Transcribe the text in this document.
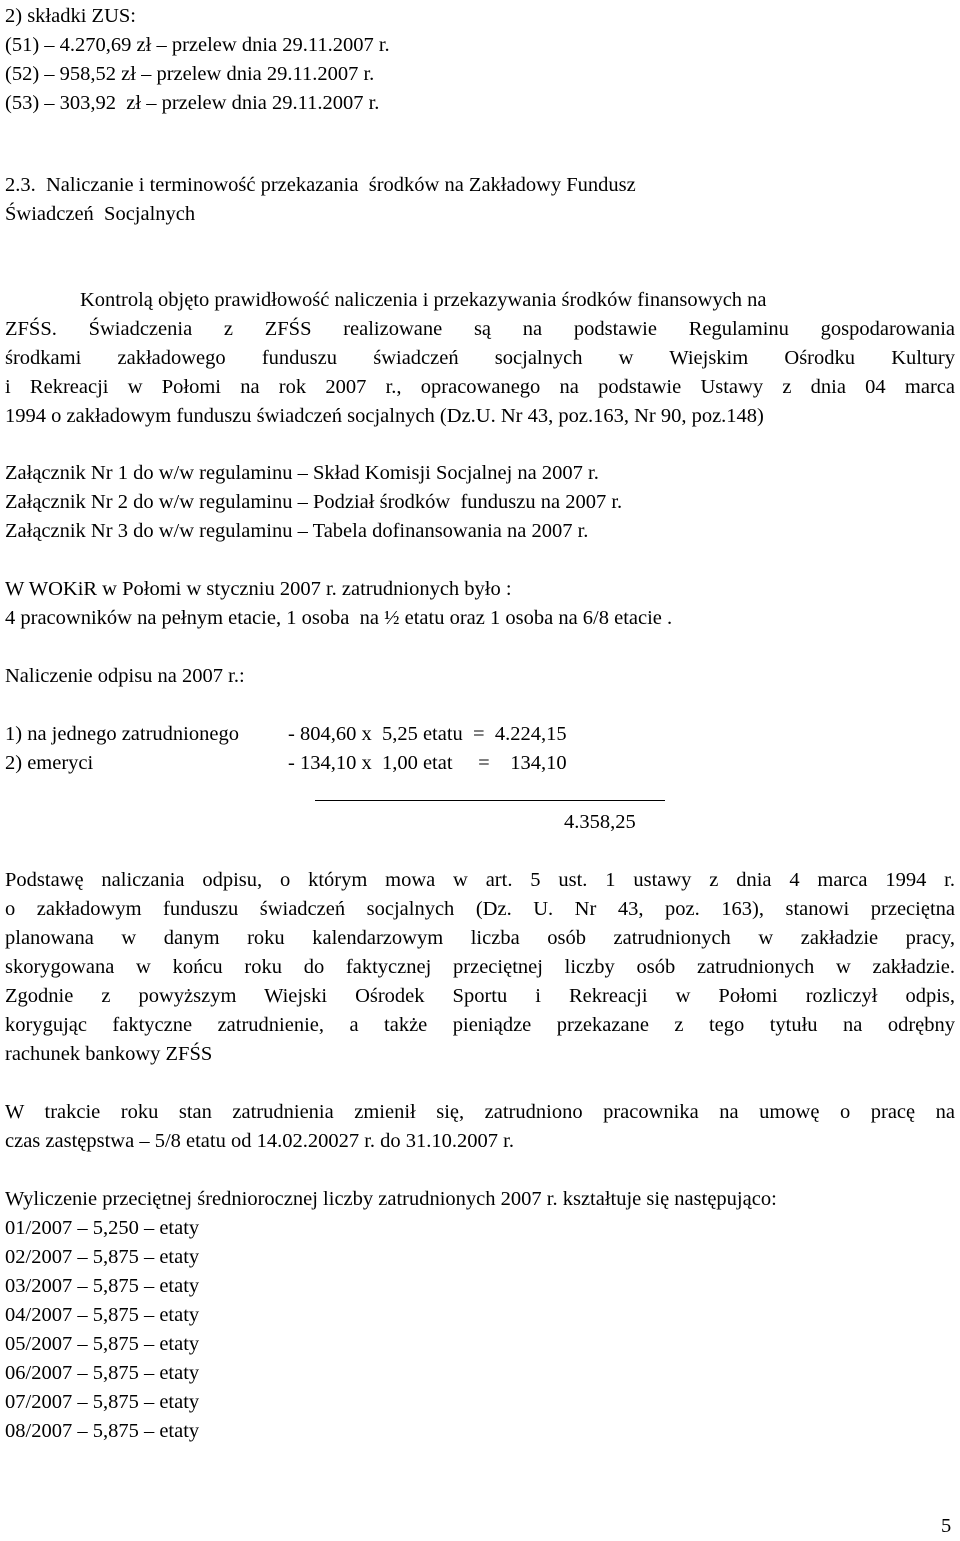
2) składki ZUS:
(51) – 4.270,69 zł – przelew dnia 29.11.2007 r.
(52) – 958,52 zł – przelew dnia 29.11.2007 r.
(53) – 303,92  zł – przelew dnia 29.11.2007 r.
2.3.  Naliczanie i terminowość przekazania  środków na Zakładowy Fundusz
Świadczeń  Socjalnych
Kontrolą objęto prawidłowość naliczenia i przekazywania środków finansowych na
ZFŚS. Świadczenia z ZFŚS realizowane są na podstawie Regulaminu gospodarowania
środkami zakładowego funduszu świadczeń socjalnych w Wiejskim Ośrodku Kultury
i Rekreacji w Połomi na rok 2007 r., opracowanego na podstawie Ustawy z dnia 04 marca
1994 o zakładowym funduszu świadczeń socjalnych (Dz.U. Nr 43, poz.163, Nr 90, poz.148)
Załącznik Nr 1 do w/w regulaminu – Skład Komisji Socjalnej na 2007 r.
Załącznik Nr 2 do w/w regulaminu – Podział środków  funduszu na 2007 r.
Załącznik Nr 3 do w/w regulaminu – Tabela dofinansowania na 2007 r.
W WOKiR w Połomi w styczniu 2007 r. zatrudnionych było :
4 pracowników na pełnym etacie, 1 osoba  na ½ etatu oraz 1 osoba na 6/8 etacie .
Naliczenie odpisu na 2007 r.:
1) na jednego zatrudnionego - 804,60 x  5,25 etatu  =  4.224,15
2) emeryci	- 134,10 x  1,00 etat     =    134,10
4.358,25
Podstawę naliczania odpisu, o którym mowa w art. 5 ust. 1 ustawy z dnia 4 marca 1994 r.
o zakładowym funduszu świadczeń socjalnych (Dz. U. Nr 43, poz. 163), stanowi przeciętna
planowana w danym roku kalendarzowym liczba osób zatrudnionych w zakładzie pracy,
skorygowana w końcu roku do faktycznej przeciętnej liczby osób zatrudnionych w zakładzie.
Zgodnie z powyższym Wiejski Ośrodek Sportu i Rekreacji w Połomi rozliczył odpis,
korygując faktyczne zatrudnienie, a także pieniądze przekazane z tego tytułu na odrębny
rachunek bankowy ZFŚS
W trakcie roku stan zatrudnienia zmienił się, zatrudniono pracownika na umowę o pracę na
czas zastępstwa – 5/8 etatu od 14.02.20027 r. do 31.10.2007 r.
Wyliczenie przeciętnej średniorocznej liczby zatrudnionych 2007 r. kształtuje się następująco:
01/2007 – 5,250 – etaty
02/2007 – 5,875 – etaty
03/2007 – 5,875 – etaty
04/2007 – 5,875 – etaty
05/2007 – 5,875 – etaty
06/2007 – 5,875 – etaty
07/2007 – 5,875 – etaty
08/2007 – 5,875 – etaty
5
